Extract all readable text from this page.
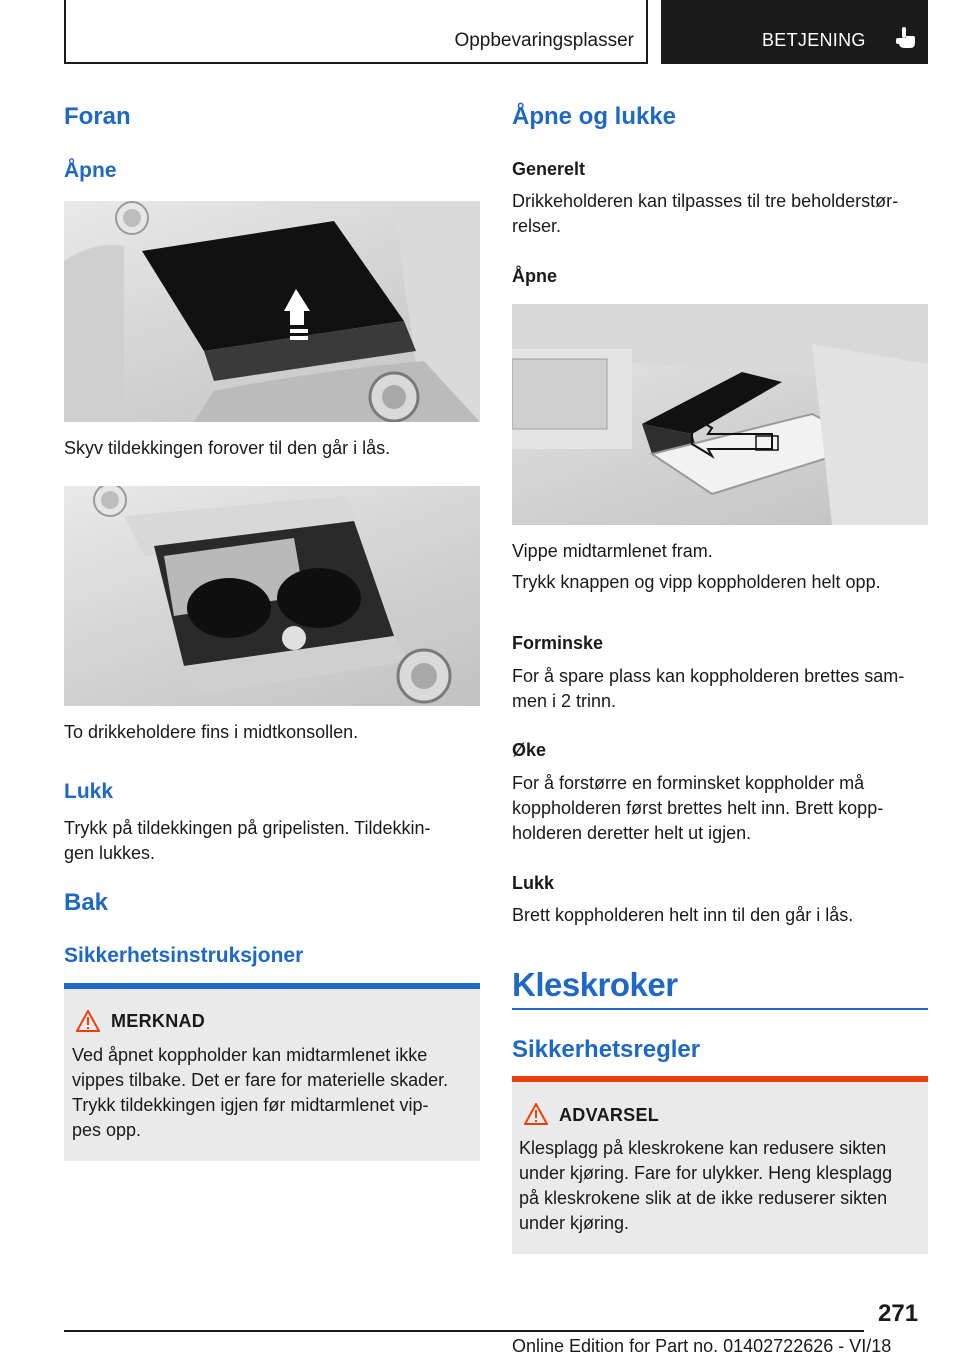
Oppbevaringsplasser	BETJENING
Foran
Åpne
Skyv tildekkingen forover til den går i lås.
To drikkeholdere fins i midtkonsollen.
Lukk
Trykk på tildekkingen på gripelisten. Tildekkin‐
gen lukkes.
Bak
Sikkerhetsinstruksjoner
MERKNAD
Ved åpnet koppholder kan midtarmlenet ikke
vippes tilbake. Det er fare for materielle skader.
Trykk tildekkingen igjen før midtarmlenet vip‐
pes opp.
Åpne og lukke
Generelt
Drikkeholderen kan tilpasses til tre beholderstør‐
relser.
Åpne
Vippe midtarmlenet fram.
Trykk knappen og vipp koppholderen helt opp.
Forminske
For å spare plass kan koppholderen brettes sam‐
men i 2 trinn.
Øke
For å forstørre en forminsket koppholder må
koppholderen først brettes helt inn. Brett kopp‐
holderen deretter helt ut igjen.
Lukk
Brett koppholderen helt inn til den går i lås.
Kleskroker
Sikkerhetsregler
ADVARSEL
Klesplagg på kleskrokene kan redusere sikten
under kjøring. Fare for ulykker. Heng klesplagg
på kleskrokene slik at de ikke reduserer sikten
under kjøring.
271
Online Edition for Part no. 01402722626 - VI/18
